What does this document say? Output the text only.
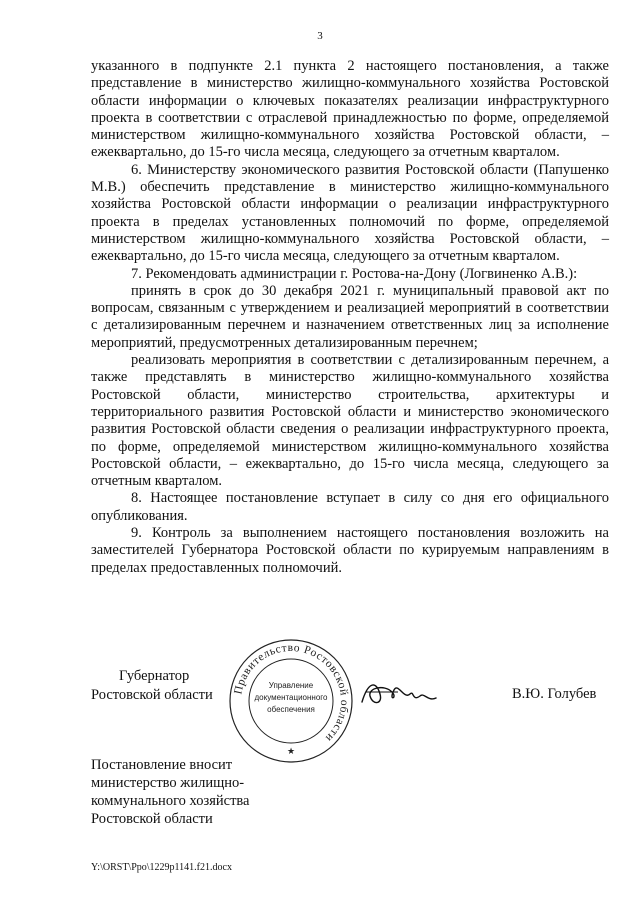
3

указанного в подпункте 2.1 пункта 2 настоящего постановления, а также представление в министерство жилищно-коммунального хозяйства Ростовской области информации о ключевых показателях реализации инфраструктурного проекта в соответствии с отраслевой принадлежностью по форме, определяемой министерством жилищно-коммунального хозяйства Ростовской области, – ежеквартально, до 15-го числа месяца, следующего за отчетным кварталом.

6. Министерству экономического развития Ростовской области (Папушенко М.В.) обеспечить представление в министерство жилищно-коммунального хозяйства Ростовской области информации о реализации инфраструктурного проекта в пределах установленных полномочий по форме, определяемой министерством жилищно-коммунального хозяйства Ростовской области, – ежеквартально, до 15-го числа месяца, следующего за отчетным кварталом.

7. Рекомендовать администрации г. Ростова-на-Дону (Логвиненко А.В.):

принять в срок до 30 декабря 2021 г. муниципальный правовой акт по вопросам, связанным с утверждением и реализацией мероприятий в соответствии с детализированным перечнем и назначением ответственных лиц за исполнение мероприятий, предусмотренных детализированным перечнем;

реализовать мероприятия в соответствии с детализированным перечнем, а также представлять в министерство жилищно-коммунального хозяйства Ростовской области, министерство строительства, архитектуры и территориального развития Ростовской области и министерство экономического развития Ростовской области сведения о реализации инфраструктурного проекта, по форме, определяемой министерством жилищно-коммунального хозяйства Ростовской области, – ежеквартально, до 15-го числа месяца, следующего за отчетным кварталом.

8. Настоящее постановление вступает в силу со дня его официального опубликования.

9. Контроль за выполнением настоящего постановления возложить на заместителей Губернатора Ростовской области по курируемым направлениям в пределах предоставленных полномочий.

Губернатор
Ростовской области Правительство Ростовской области
Управление
документационного
обеспечения
★
В.Ю. Голубев
Постановление вносит
министерство жилищно-
коммунального хозяйства
Ростовской области
Y:\ORST\Ppo\1229p1141.f21.docx
